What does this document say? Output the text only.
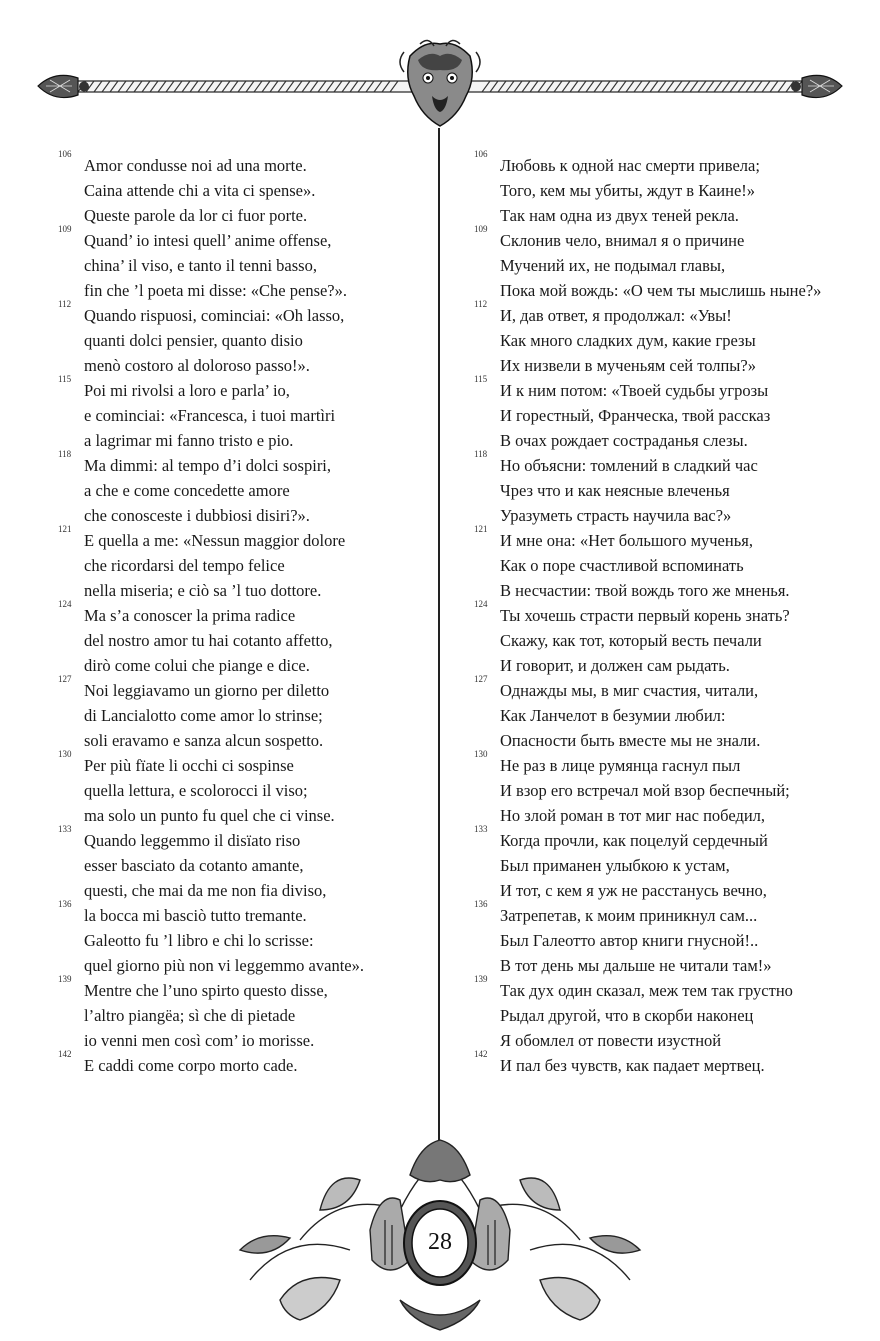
106
Amor condusse noi ad una morte.
Caina attende chi a vita ci spense».
Queste parole da lor ci fuor porte.
109
Quand’ io intesi quell’ anime offense,
china’ il viso, e tanto il tenni basso,
fin che ’l poeta mi disse: «Che pense?».
112
Quando rispuosi, cominciai: «Oh lasso,
quanti dolci pensier, quanto disio
menò costoro al doloroso passo!».
115
Poi mi rivolsi a loro e parla’ io,
e cominciai: «Francesca, i tuoi martìri
a lagrimar mi fanno tristo e pio.
118
Ma dimmi: al tempo d’i dolci sospiri,
a che e come concedette amore
che conosceste i dubbiosi disiri?».
121
E quella a me: «Nessun maggior dolore
che ricordarsi del tempo felice
nella miseria; e ciò sa ’l tuo dottore.
124
Ma s’a conoscer la prima radice
del nostro amor tu hai cotanto affetto,
dirò come colui che piange e dice.
127
Noi leggiavamo un giorno per diletto
di Lancialotto come amor lo strinse;
soli eravamo e sanza alcun sospetto.
130
Per più fïate li occhi ci sospinse
quella lettura, e scolorocci il viso;
ma solo un punto fu quel che ci vinse.
133
Quando leggemmo il disïato riso
esser basciato da cotanto amante,
questi, che mai da me non fia diviso,
136
la bocca mi basciò tutto tremante.
Galeotto fu ’l libro e chi lo scrisse:
quel giorno più non vi leggemmo avante».
139
Mentre che l’uno spirto questo disse,
l’altro piangëa; sì che di pietade
io venni men così com’ io morisse.
142
E caddi come corpo morto cade.
106
Любовь к одной нас смерти привела;
Того, кем мы убиты, ждут в Каине!»
Так нам одна из двух теней рекла.
109
Склонив чело, внимал я о причине
Мучений их, не подымал главы,
Пока мой вождь: «О чем ты мыслишь ныне?»
112
И, дав ответ, я продолжал: «Увы!
Как много сладких дум, какие грезы
Их низвели в мученьям сей толпы?»
115
И к ним потом: «Твоей судьбы угрозы
И горестный, Франческа, твой рассказ
В очах рождает состраданья слезы.
118
Но объясни: томлений в сладкий час
Чрез что и как неясные влеченья
Уразуметь страсть научила вас?»
121
И мне она: «Нет большого мученья,
Как о поре счастливой вспоминать
В несчастии: твой вождь того же мненья.
124
Ты хочешь страсти первый корень знать?
Скажу, как тот, который весть печали
И говорит, и должен сам рыдать.
127
Однажды мы, в миг счастия, читали,
Как Ланчелот в безумии любил:
Опасности быть вместе мы не знали.
130
Не раз в лице румянца гаснул пыл
И взор его встречал мой взор беспечный;
Но злой роман в тот миг нас победил,
133
Когда прочли, как поцелуй сердечный
Был приманен улыбкою к устам,
И тот, с кем я уж не расстанусь вечно,
136
Затрепетав, к моим приникнул сам...
Был Галеотто автор книги гнусной!..
В тот день мы дальше не читали там!»
139
Так дух один сказал, меж тем так грустно
Рыдал другой, что в скорби наконец
Я обомлел от повести изустной
142
И пал без чувств, как падает мертвец.
28
